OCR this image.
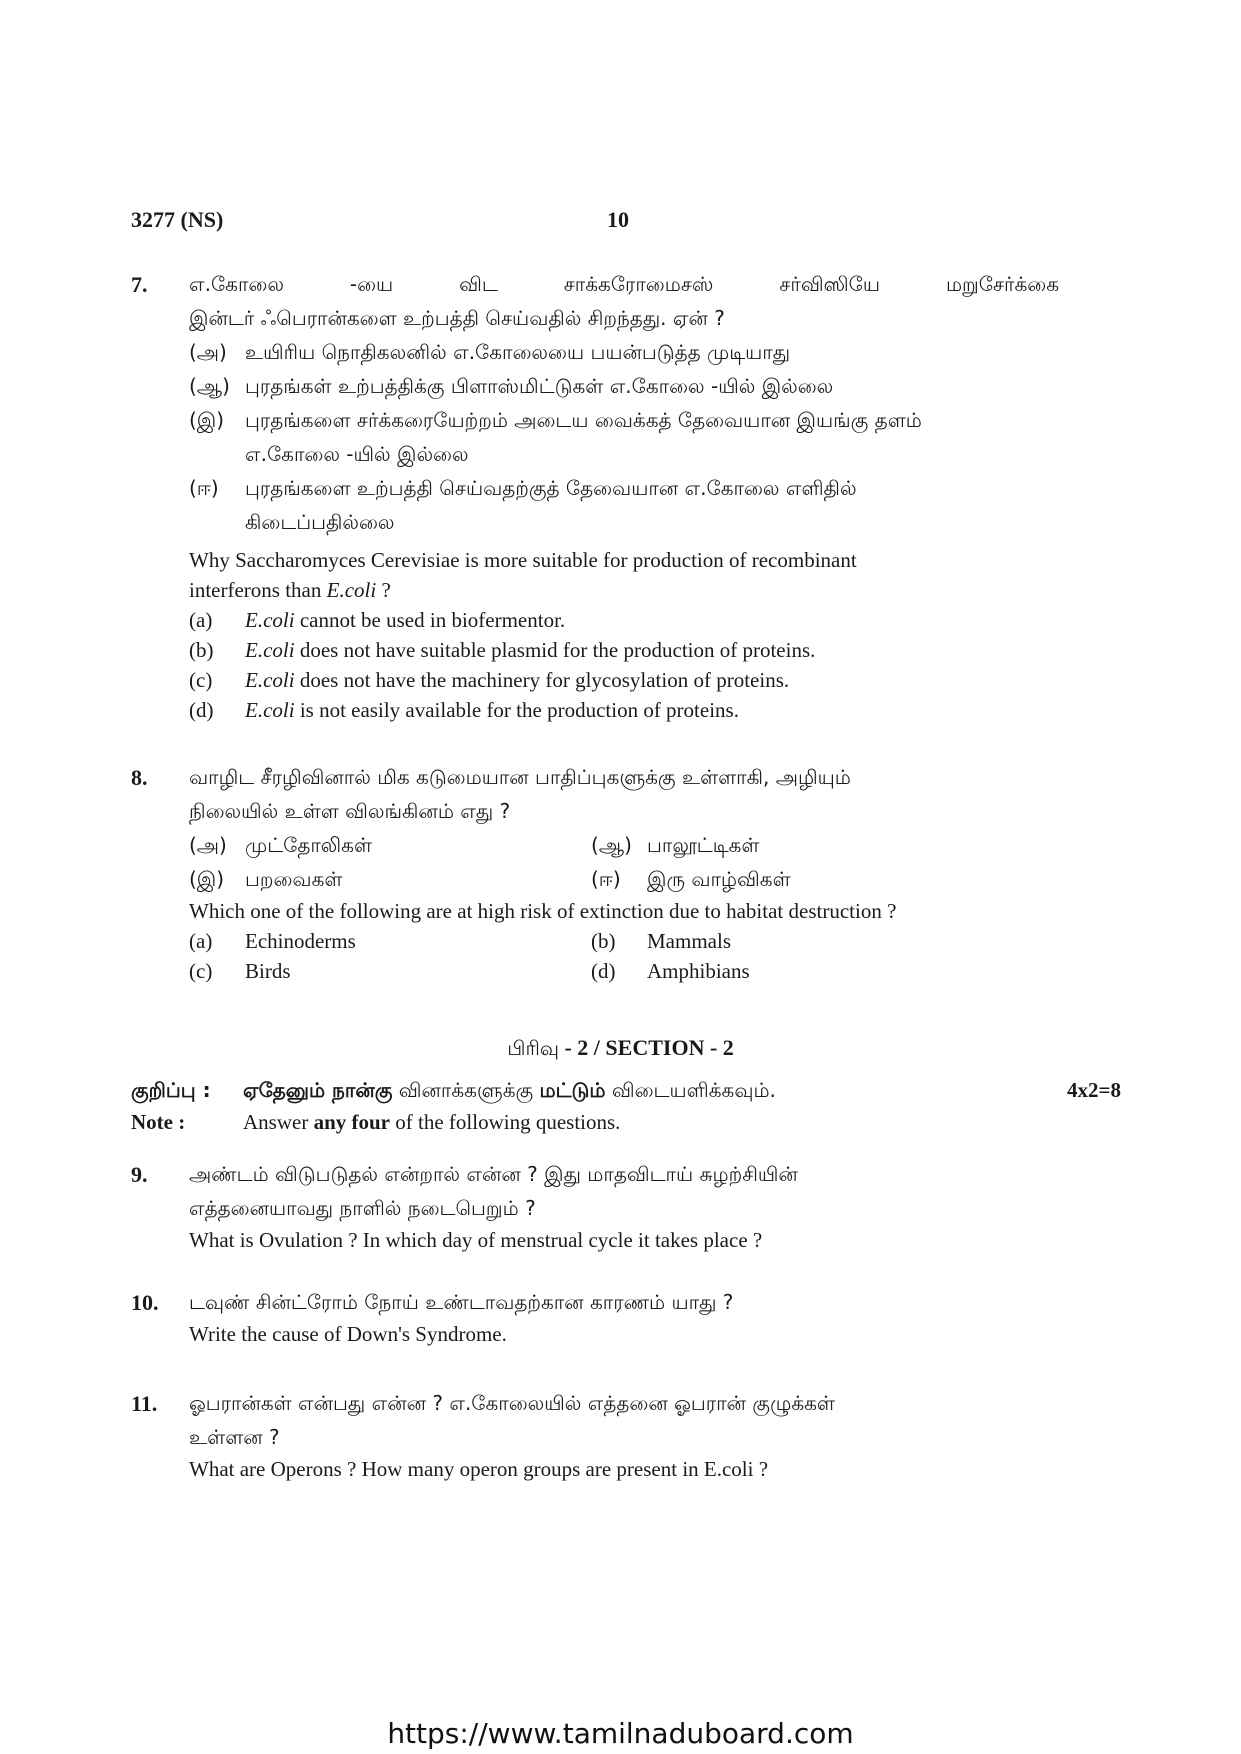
3277 (NS)	10
7. எ.கோலை	-யை	விட	சாக்கரோமைசஸ்	சர்விஸியே	மறுசேர்க்கை
இன்டர் ஃபெரான்களை உற்பத்தி செய்வதில் சிறந்தது. ஏன் ?
(அ) உயிரிய நொதிகலனில் எ.கோலையை பயன்படுத்த முடியாது
(ஆ) புரதங்கள் உற்பத்திக்கு பிளாஸ்மிட்டுகள் எ.கோலை -யில் இல்லை
(இ)	புரதங்களை சர்க்கரையேற்றம் அடைய வைக்கத் தேவையான இயங்கு தளம்
எ.கோலை -யில் இல்லை
(ஈ)	புரதங்களை உற்பத்தி செய்வதற்குத் தேவையான எ.கோலை எளிதில்
கிடைப்பதில்லை
Why Saccharomyces Cerevisiae is more suitable for production of recombinant
interferons than E.coli ?
(a)	E.coli cannot be used in biofermentor.
(b)	E.coli does not have suitable plasmid for the production of proteins.
(c)	E.coli does not have the machinery for glycosylation of proteins.
(d)	E.coli is not easily available for the production of proteins.
8. வாழிட சீரழிவினால் மிக கடுமையான பாதிப்புகளுக்கு உள்ளாகி, அழியும்
நிலையில் உள்ள விலங்கினம் எது ?
(அ) முட்தோலிகள்	(ஆ) பாலூட்டிகள்
(இ)	பறவைகள்	(ஈ)	இரு வாழ்விகள்
Which one of the following are at high risk of extinction due to habitat destruction ?
(a)	Echinoderms	(b)	Mammals
(c)	Birds	(d)	Amphibians
பிரிவு - 2 / SECTION - 2
குறிப்பு :	ஏதேனும் நான்கு வினாக்களுக்கு மட்டும் விடையளிக்கவும்.	4x2=8
Note :	Answer any four of the following questions.
9. அண்டம் விடுபடுதல் என்றால் என்ன ? இது மாதவிடாய் சுழற்சியின்
எத்தனையாவது நாளில் நடைபெறும் ?
What is Ovulation ? In which day of menstrual cycle it takes place ?
10. டவுண் சின்ட்ரோம் நோய் உண்டாவதற்கான காரணம் யாது ?
Write the cause of Down's Syndrome.
11. ஓபரான்கள் என்பது என்ன ? எ.கோலையில் எத்தனை ஓபரான் குழுக்கள்
உள்ளன ?
What are Operons ? How many operon groups are present in E.coli ?
https://www.tamilnaduboard.com
